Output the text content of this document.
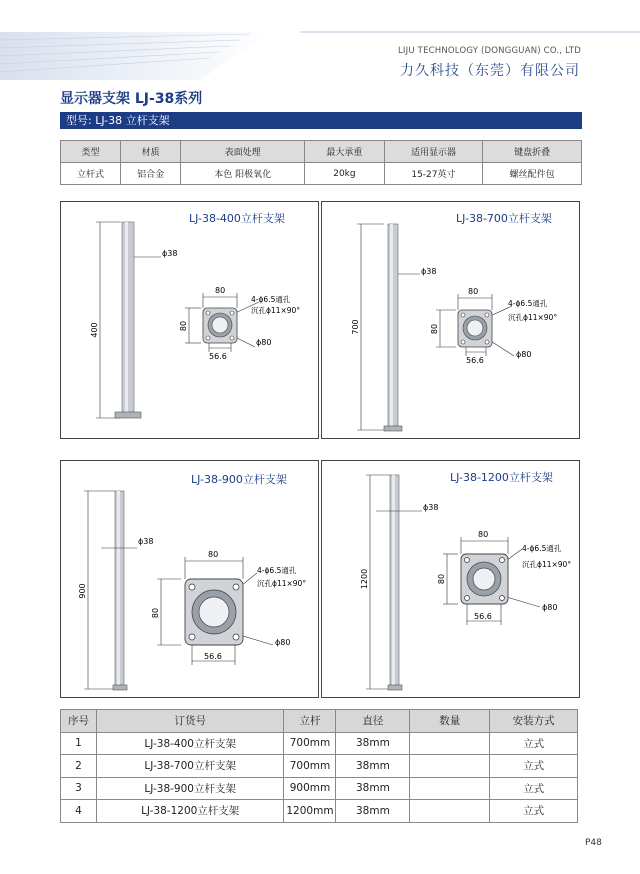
LIJU TECHNOLOGY (DONGGUAN) CO., LTD
力久科技（东莞）有限公司
显示器支架 LJ-38系列
型号: LJ-38 立杆支架
类型	材质	表面处理	最大承重	适用显示器	键盘折叠
立杆式	铝合金	本色 阳极氧化	20kg	15-27英寸	螺丝配件包
LJ-38-400立杆支架
400
ϕ38
80
80
56.6
ϕ80
4-ϕ6.5通孔
沉孔ϕ11×90°
LJ-38-700立杆支架
700
ϕ38
80
80
56.6
ϕ80
4-ϕ6.5通孔
沉孔ϕ11×90°
LJ-38-900立杆支架
900
ϕ38
80
80
56.6
ϕ80
4-ϕ6.5通孔
沉孔ϕ11×90°
LJ-38-1200立杆支架
1200
ϕ38
80
80
56.6
ϕ80
4-ϕ6.5通孔
沉孔ϕ11×90°
序号	订货号	立杆	直径	数量	安装方式
1	LJ-38-400立杆支架	700mm	38mm		立式
2	LJ-38-700立杆支架	700mm	38mm		立式
3	LJ-38-900立杆支架	900mm	38mm		立式
4	LJ-38-1200立杆支架	1200mm	38mm		立式
P48
